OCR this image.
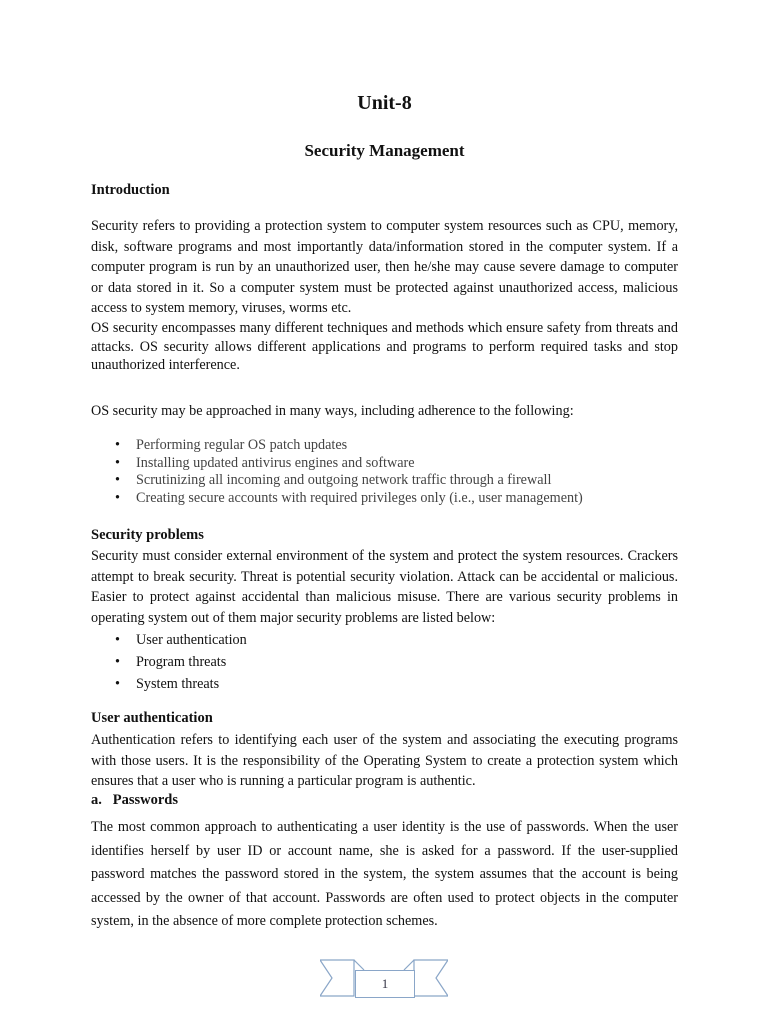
Unit-8
Security Management
Introduction

Security refers to providing a protection system to computer system resources such as CPU, memory, disk, software programs and most importantly data/information stored in the computer system. If a computer program is run by an unauthorized user, then he/she may cause severe damage to computer or data stored in it. So a computer system must be protected against unauthorized access, malicious access to system memory, viruses, worms etc.

OS security encompasses many different techniques and methods which ensure safety from threats and attacks. OS security allows different applications and programs to perform required tasks and stop unauthorized interference.

OS security may be approached in many ways, including adherence to the following:

• Performing regular OS patch updates
• Installing updated antivirus engines and software
• Scrutinizing all incoming and outgoing network traffic through a firewall
• Creating secure accounts with required privileges only (i.e., user management)
Security problems

Security must consider external environment of the system and protect the system resources. Crackers attempt to break security. Threat is potential security violation. Attack can be accidental or malicious. Easier to protect against accidental than malicious misuse. There are various security problems in operating system out of them major security problems are listed below:

• User authentication
• Program threats
• System threats
User authentication

Authentication refers to identifying each user of the system and associating the executing programs with those users. It is the responsibility of the Operating System to create a protection system which ensures that a user who is running a particular program is authentic.

a.   Passwords

The most common approach to authenticating a user identity is the use of passwords. When the user identifies herself by user ID or account name, she is asked for a password. If the user-supplied password matches the password stored in the system, the system assumes that the account is being accessed by the owner of that account. Passwords are often used to protect objects in the computer system, in the absence of more complete protection schemes.

1
